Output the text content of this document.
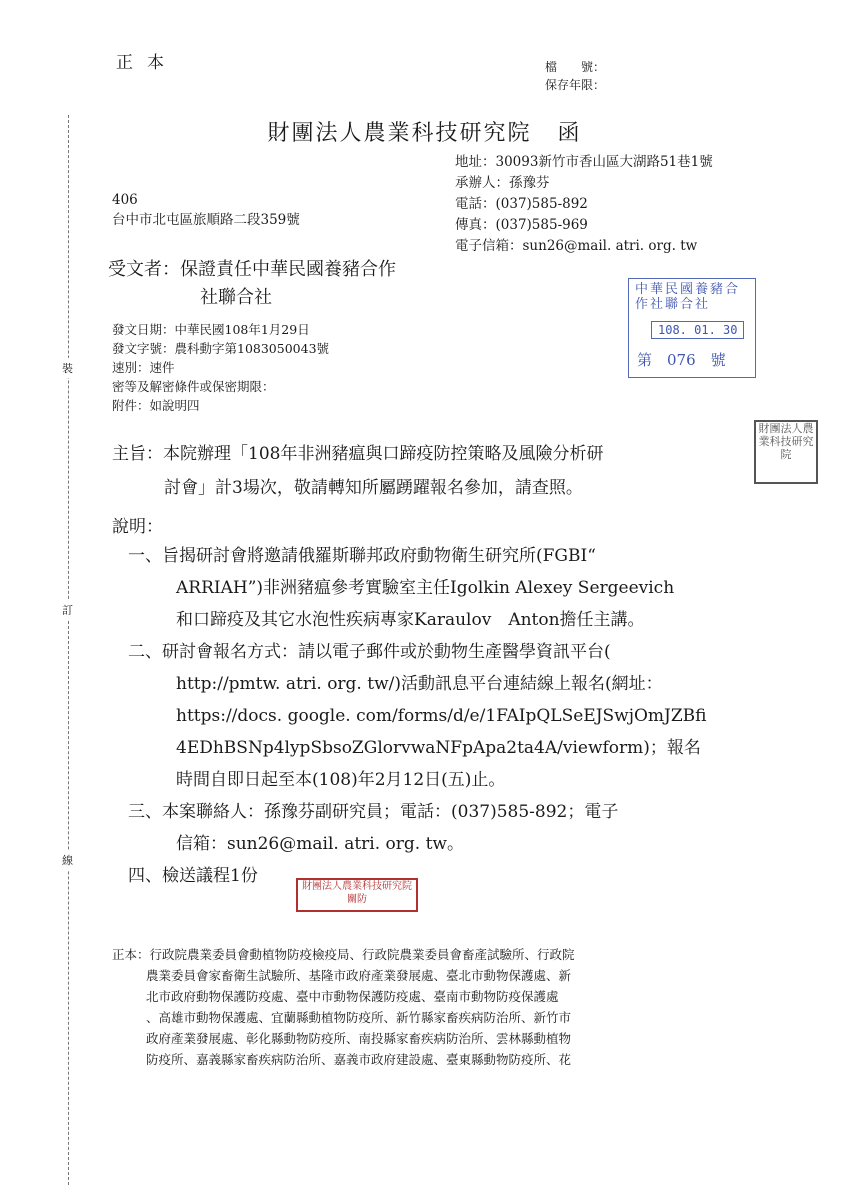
正本	檔　　號：
保存年限：
財團法人農業科技研究院 函
地址：30093新竹市香山區大湖路51巷1號
承辦人：孫豫芬
電話：(037)585-892
傳真：(037)585-969
電子信箱：sun26@mail. atri. org. tw
406
台中市北屯區旅順路二段359號
受文者：保證責任中華民國養豬合作
社聯合社
發文日期：中華民國108年1月29日
發文字號：農科動字第1083050043號
速別：速件
密等及解密條件或保密期限：
附件：如說明四
中華民國養豬合作社聯合社
108. 01. 30
第　076　號
主旨：本院辦理「108年非洲豬瘟與口蹄疫防控策略及風險分析研
討會」計3場次，敬請轉知所屬踴躍報名參加，請查照。
財團法人農業科技研究院
說明：
一、旨揭研討會將邀請俄羅斯聯邦政府動物衛生研究所(FGBI“
ARRIAH”)非洲豬瘟參考實驗室主任Igolkin Alexey Sergeevich
和口蹄疫及其它水泡性疾病專家Karaulov　Anton擔任主講。
二、研討會報名方式：請以電子郵件或於動物生產醫學資訊平台(
http://pmtw. atri. org. tw/)活動訊息平台連結線上報名(網址：
https://docs. google. com/forms/d/e/1FAIpQLSeEJSwjOmJZBfi
4EDhBSNp4lypSbsoZGlorvwaNFpApa2ta4A/viewform)；報名
時間自即日起至本(108)年2月12日(五)止。
三、本案聯絡人：孫豫芬副研究員；電話：(037)585-892；電子
信箱：sun26@mail. atri. org. tw。
四、檢送議程1份
財團法人農業科技研究院關防
正本：行政院農業委員會動植物防疫檢疫局、行政院農業委員會畜產試驗所、行政院
農業委員會家畜衛生試驗所、基隆市政府產業發展處、臺北市動物保護處、新
北市政府動物保護防疫處、臺中市動物保護防疫處、臺南市動物防疫保護處
、高雄市動物保護處、宜蘭縣動植物防疫所、新竹縣家畜疾病防治所、新竹市
政府產業發展處、彰化縣動物防疫所、南投縣家畜疾病防治所、雲林縣動植物
防疫所、嘉義縣家畜疾病防治所、嘉義市政府建設處、臺東縣動物防疫所、花
裝
訂
線
